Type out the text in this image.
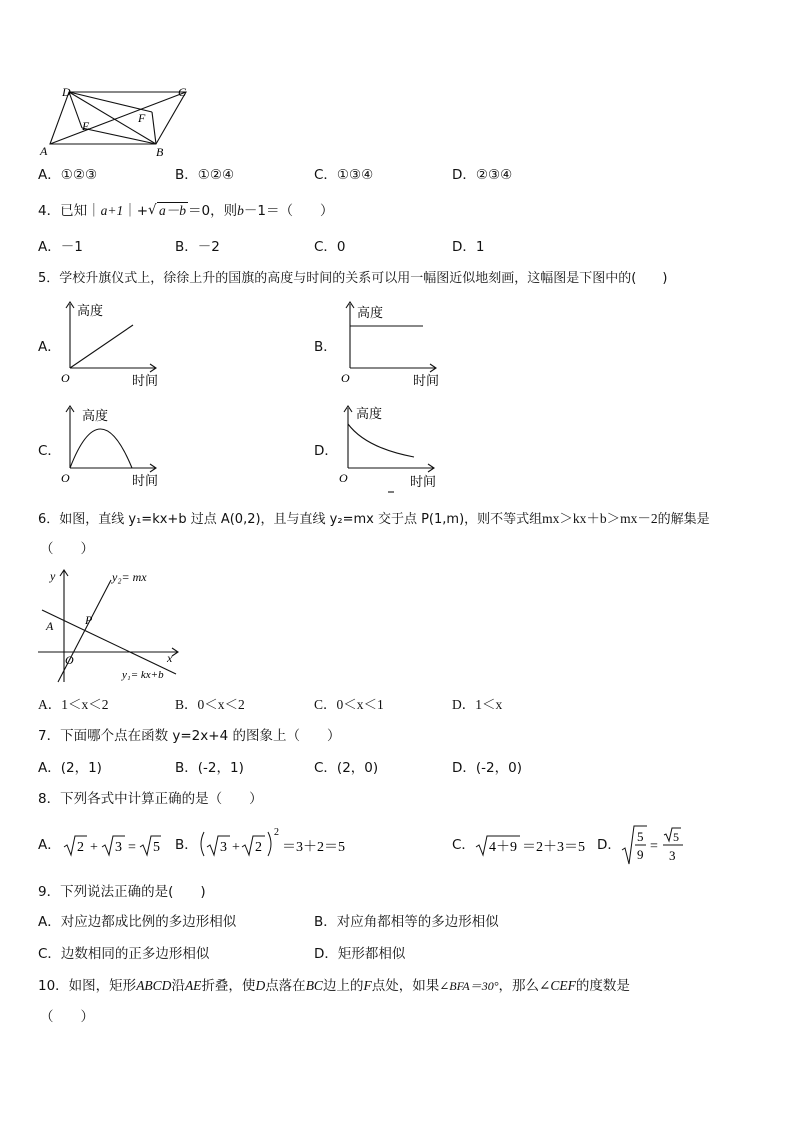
D	C
E
F
A	B
A．①②③	B．①②④	C．①③④	D．②③④
4．已知｜a+1｜+ √ a－b ＝0，则b－1＝（　　）
A．－1	B．－2	C．0	D．1
5．学校升旗仪式上，徐徐上升的国旗的高度与时间的关系可以用一幅图近似地刻画，这幅图是下图中的(　　)
A．	B．
C．	D．
高度
O	时间
高度
O	时间
高度
O	时间
高度
O	时间
6．如图，直线 y₁=kx+b 过点 A(0,2)，且与直线 y₂=mx 交于点 P(1,m)，则不等式组mx＞kx＋b＞mx－2的解集是
（　　）
y
x
A	P
O
y₂= mx
y₁= kx+b
A．1＜x＜2	B．0＜x＜2	C．0＜x＜1	D．1＜x
7．下面哪个点在函数 y=2x+4 的图象上（　　）
A．(2，1)	B．(-2，1)	C．(2，0)	D．(-2，0)
8．下列各式中计算正确的是（　　）
A． 2 + 3 = 5 B． 3 + 2
2
＝3＋2＝5	C． 4＋9 ＝2＋3＝5 D．
5
9
=
5
3
9．下列说法正确的是(　　)
A．对应边都成比例的多边形相似	B．对应角都相等的多边形相似
C．边数相同的正多边形相似	D．矩形都相似
10．如图，矩形ABCD沿AE折叠，使D点落在BC边上的F点处，如果∠BFA＝30°，那么∠CEF的度数是
（　　）
